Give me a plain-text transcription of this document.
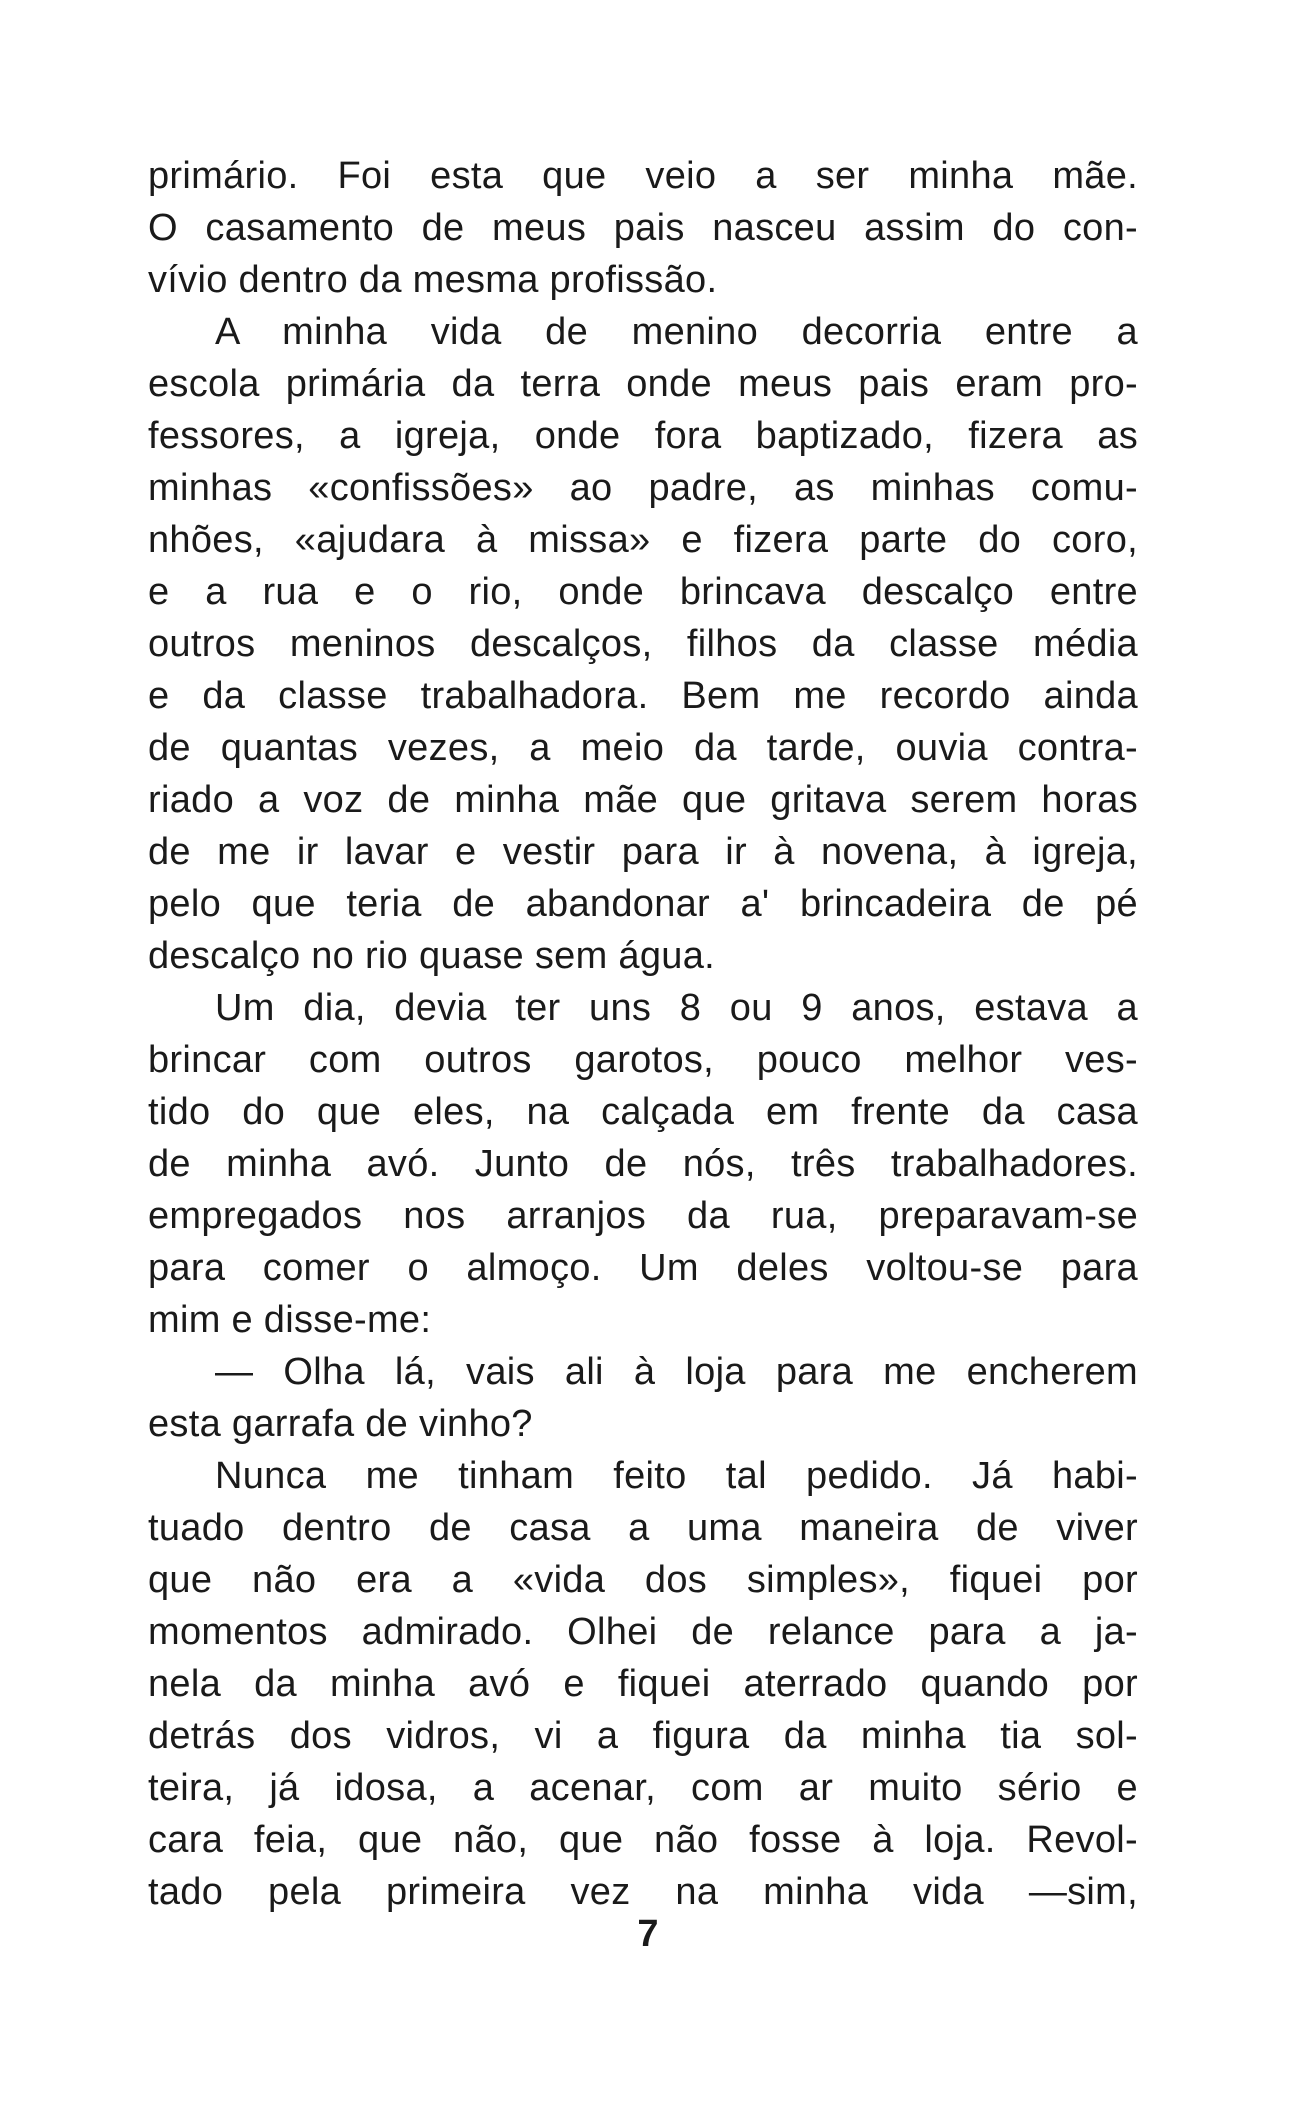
primário. Foi esta que veio a ser minha mãe.
O casamento de meus pais nasceu assim do con-
vívio dentro da mesma profissão.
A minha vida de menino decorria entre a
escola primária da terra onde meus pais eram pro-
fessores, a igreja, onde fora baptizado, fizera as
minhas «confissões» ao padre, as minhas comu-
nhões, «ajudara à missa» e fizera parte do coro,
e a rua e o rio, onde brincava descalço entre
outros meninos descalços, filhos da classe média
e da classe trabalhadora. Bem me recordo ainda
de quantas vezes, a meio da tarde, ouvia contra-
riado a voz de minha mãe que gritava serem horas
de me ir lavar e vestir para ir à novena, à igreja,
pelo que teria de abandonar a' brincadeira de pé
descalço no rio quase sem água.
Um dia, devia ter uns 8 ou 9 anos, estava a
brincar com outros garotos, pouco melhor ves-
tido do que eles, na calçada em frente da casa
de minha avó. Junto de nós, três trabalhadores.
empregados nos arranjos da rua, preparavam-se
para comer o almoço. Um deles voltou-se para
mim e disse-me:
— Olha lá, vais ali à loja para me encherem
esta garrafa de vinho?
Nunca me tinham feito tal pedido. Já habi-
tuado dentro de casa a uma maneira de viver
que não era a «vida dos simples», fiquei por
momentos admirado. Olhei de relance para a ja-
nela da minha avó e fiquei aterrado quando por
detrás dos vidros, vi a figura da minha tia sol-
teira, já idosa, a acenar, com ar muito sério e
cara feia, que não, que não fosse à loja. Revol-
tado pela primeira vez na minha vida —sim,
7
